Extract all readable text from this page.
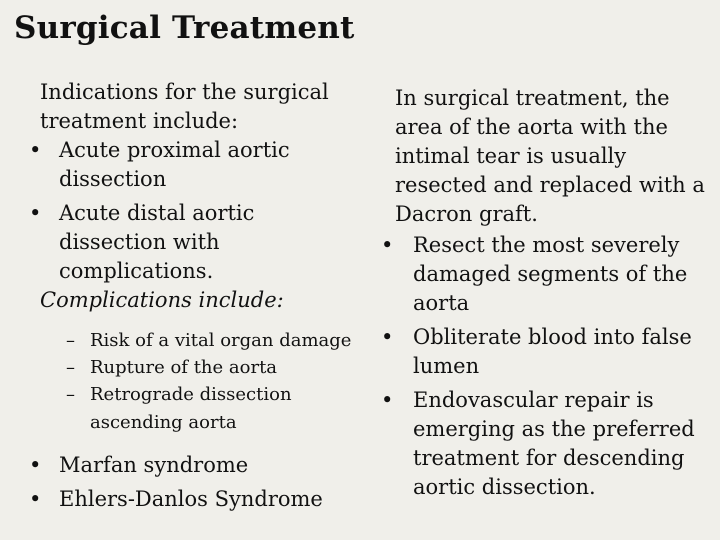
Surgical Treatment
Indications for the surgical treatment include:
• Acute proximal aortic dissection
• Acute distal aortic dissection with complications.
Complications include:
– Risk of a vital organ damage
– Rupture of the aorta
– Retrograde dissection ascending aorta
• Marfan syndrome
• Ehlers-Danlos Syndrome
In surgical treatment, the area of the aorta with the intimal tear is usually resected and replaced with a Dacron graft.
• Resect the most severely damaged segments of the aorta
• Obliterate blood into false lumen
• Endovascular repair is emerging as the preferred treatment for descending aortic dissection.
